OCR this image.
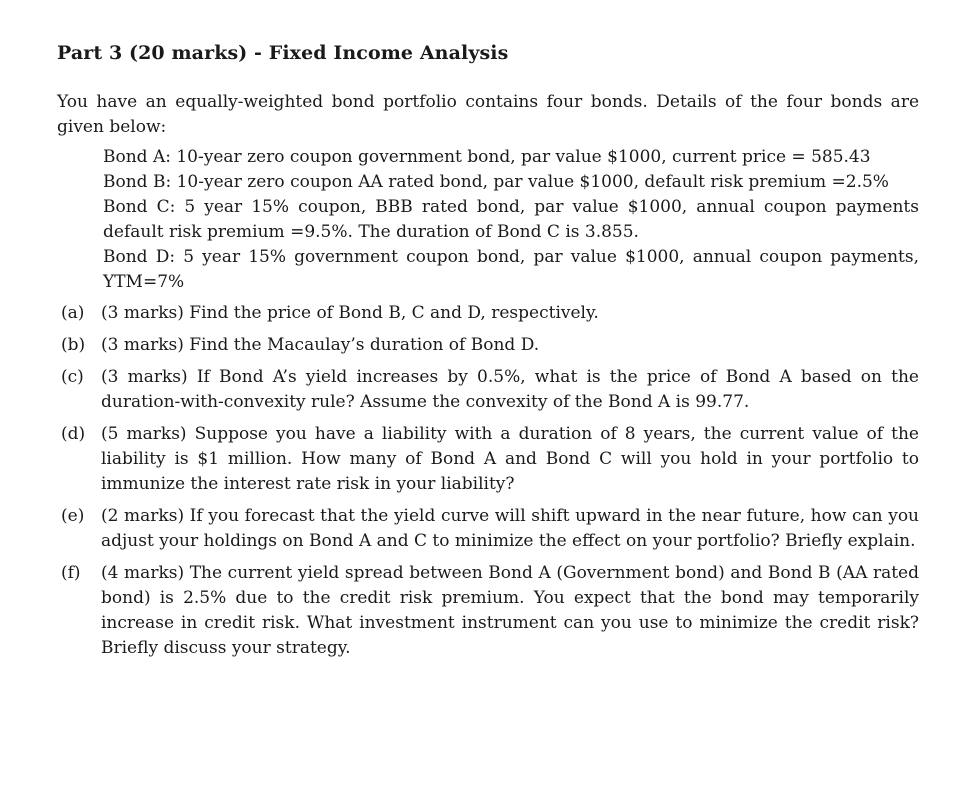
Part 3 (20 marks) - Fixed Income Analysis

You have an equally-weighted bond portfolio contains four bonds. Details of the four bonds are given below:

Bond A: 10-year zero coupon government bond, par value $1000, current price = 585.43

Bond B: 10-year zero coupon AA rated bond, par value $1000, default risk premium =2.5%

Bond C: 5 year 15% coupon, BBB rated bond, par value $1000, annual coupon payments default risk premium =9.5%. The duration of Bond C is 3.855.

Bond D: 5 year 15% government coupon bond, par value $1000, annual coupon payments, YTM=7%

(a) (3 marks) Find the price of Bond B, C and D, respectively.
(b) (3 marks) Find the Macaulay’s duration of Bond D.
(c) (3 marks) If Bond A’s yield increases by 0.5%, what is the price of Bond A based on the duration-with-convexity rule? Assume the convexity of the Bond A is 99.77.
(d) (5 marks) Suppose you have a liability with a duration of 8 years, the current value of the liability is $1 million. How many of Bond A and Bond C will you hold in your portfolio to immunize the interest rate risk in your liability?
(e) (2 marks) If you forecast that the yield curve will shift upward in the near future, how can you adjust your holdings on Bond A and C to minimize the effect on your portfolio? Briefly explain.
(f) (4 marks) The current yield spread between Bond A (Government bond) and Bond B (AA rated bond) is 2.5% due to the credit risk premium. You expect that the bond may temporarily increase in credit risk. What investment instrument can you use to minimize the credit risk? Briefly discuss your strategy.
